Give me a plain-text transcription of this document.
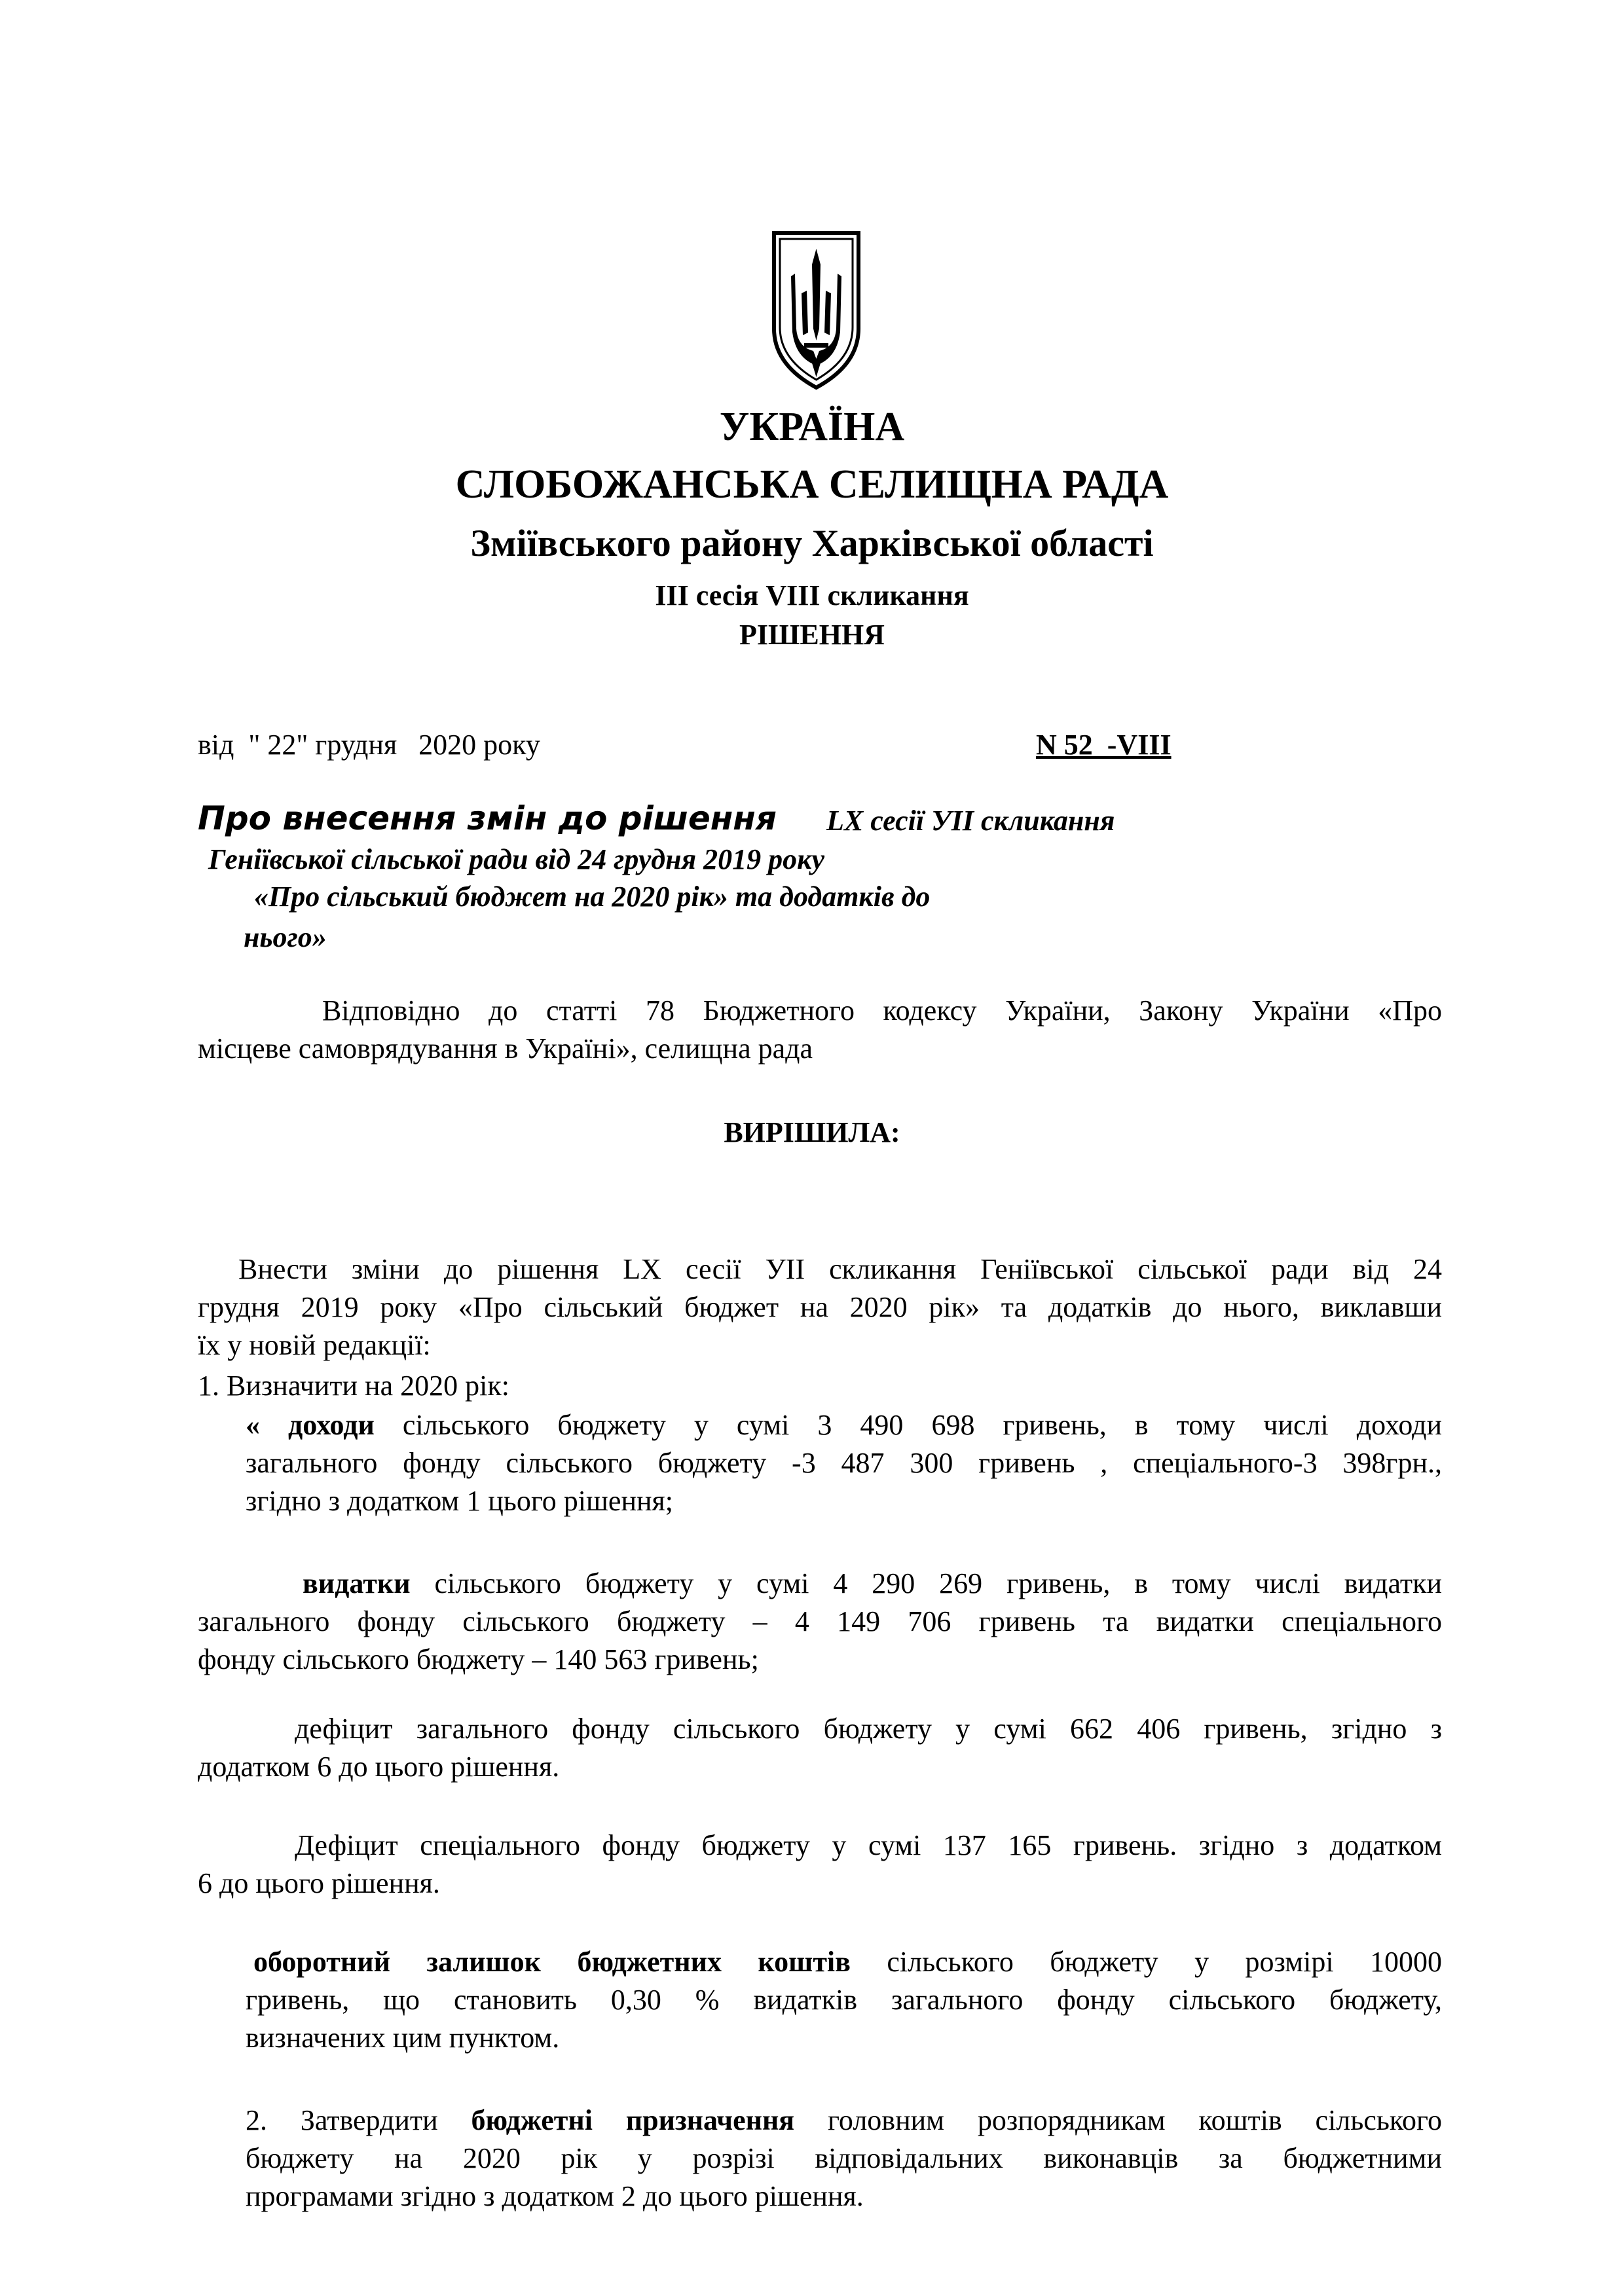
УКРАЇНА
СЛОБОЖАНСЬКА СЕЛИЩНА РАДА
Зміївського району Харківської області
ІІІ сесія VІІІ скликання
РІШЕННЯ
від  " 22" грудня   2020 року	N 52  -VIII
Про внесення змін до рішення LX сесії УІІ скликання
Геніївської сільської ради від 24 грудня 2019 року
«Про сільський бюджет на 2020 рік» та додатків до
нього»
Відповідно до статті 78 Бюджетного кодексу України, Закону України «Про
місцеве самоврядування в Україні», селищна рада
ВИРІШИЛА:
Внести зміни до рішення LX сесії УІІ скликання Геніївської сільської ради від 24
грудня 2019 року «Про сільський бюджет на 2020 рік» та додатків до нього, виклавши
їх у новій редакції:
1. Визначити на 2020 рік:
« доходи сільського бюджету у сумі 3 490 698 гривень, в тому числі доходи
загального фонду сільського бюджету -3 487 300 гривень , спеціального-3 398грн.,
згідно з додатком 1 цього рішення;
видатки сільського бюджету у сумі 4 290 269 гривень, в тому числі видатки
загального фонду сільського бюджету – 4 149 706 гривень та видатки спеціального
фонду сільського бюджету – 140 563 гривень;
дефіцит загального фонду сільського бюджету у сумі 662 406 гривень, згідно з
додатком 6 до цього рішення.
Дефіцит спеціального фонду бюджету у сумі 137 165 гривень. згідно з додатком
6 до цього рішення.
оборотний залишок бюджетних коштів сільського бюджету у розмірі 10000
гривень, що становить 0,30 % видатків загального фонду сільського бюджету,
визначених цим пунктом.
2. Затвердити бюджетні призначення головним розпорядникам коштів сільського
бюджету на 2020 рік у розрізі відповідальних виконавців за бюджетними
програмами згідно з додатком 2 до цього рішення.
